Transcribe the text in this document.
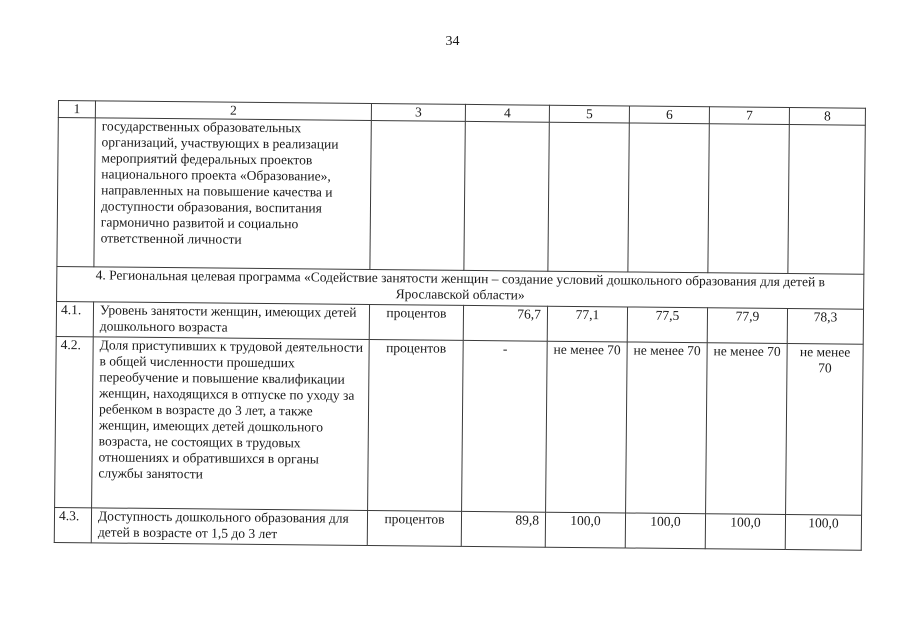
34
1	2	3	4	5	6	7	8
	государственных образовательных организаций, участвующих в реализации мероприятий федеральных проектов национального проекта «Образование», направленных на повышение качества и доступности образования, воспитания гармонично развитой и социально ответственной личности						
4. Региональная целевая программа «Содействие занятости женщин – создание условий дошкольного образования для детей в Ярославской области»							
4.1.	Уровень занятости женщин, имеющих детей дошкольного возраста	процентов	76,7	77,1	77,5	77,9	78,3
4.2.	Доля приступивших к трудовой деятельности в общей численности прошедших переобучение и повышение квалификации женщин, находящихся в отпуске по уходу за ребенком в возрасте до 3 лет, а также женщин, имеющих детей дошкольного возраста, не состоящих в трудовых отношениях и обратившихся в органы службы занятости	процентов	-	не менее 70	не менее 70	не менее 70	не менее 70
4.3.	Доступность дошкольного образования для детей в возрасте от 1,5 до 3 лет	процентов	89,8	100,0	100,0	100,0	100,0
